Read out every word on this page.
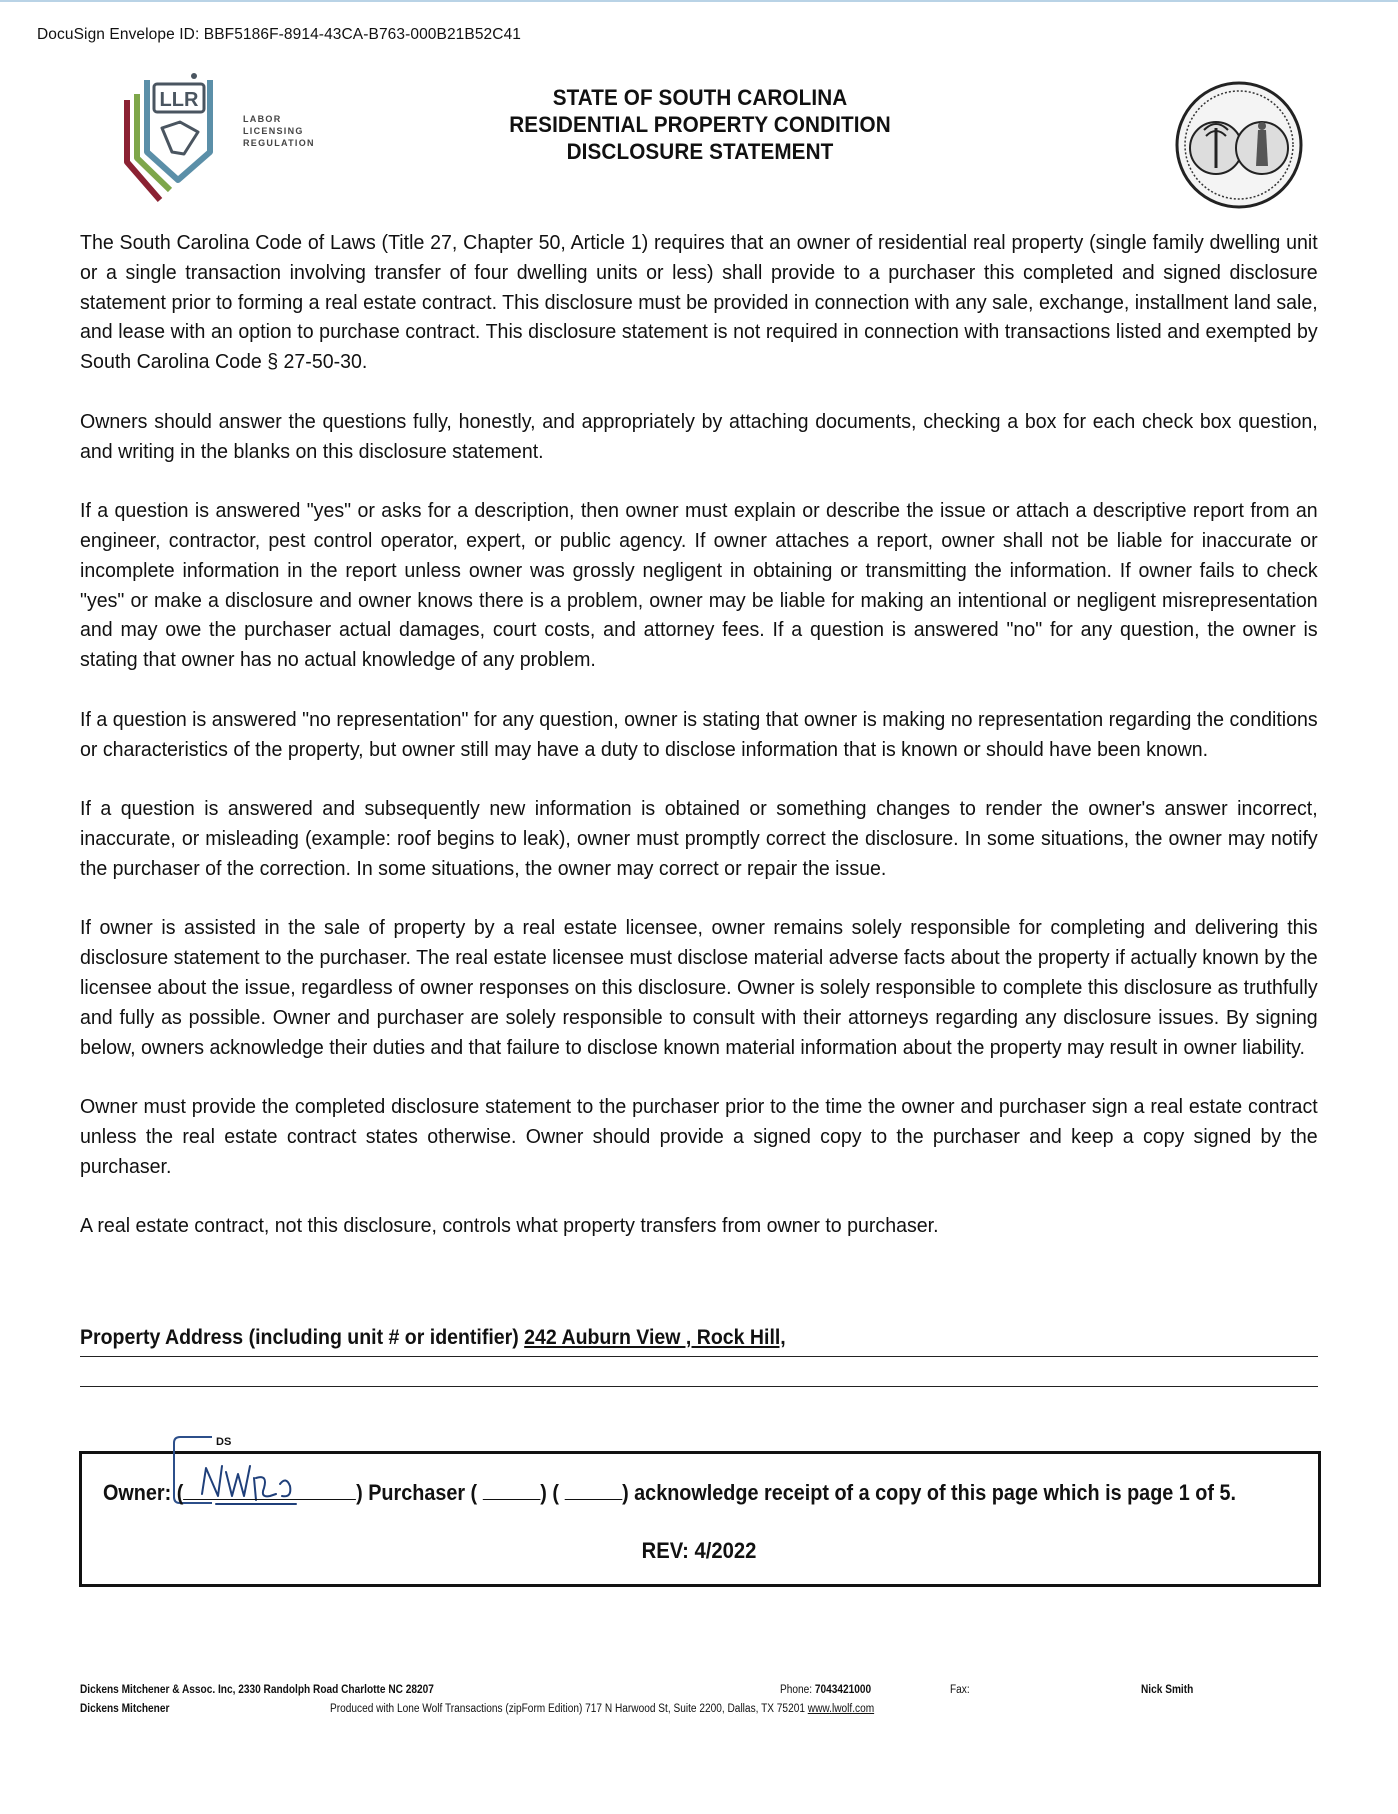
DocuSign Envelope ID: BBF5186F-8914-43CA-B763-000B21B52C41
LLR
LABOR
LICENSING
REGULATION
STATE OF SOUTH CAROLINA
RESIDENTIAL PROPERTY CONDITION
DISCLOSURE STATEMENT

The South Carolina Code of Laws (Title 27, Chapter 50, Article 1) requires that an owner of residential real property (single family dwelling unit or a single transaction involving transfer of four dwelling units or less) shall provide to a purchaser this completed and signed disclosure statement prior to forming a real estate contract. This disclosure must be provided in connection with any sale, exchange, installment land sale, and lease with an option to purchase contract. This disclosure statement is not required in connection with transactions listed and exempted by South Carolina Code § 27-50-30.

Owners should answer the questions fully, honestly, and appropriately by attaching documents, checking a box for each check box question, and writing in the blanks on this disclosure statement.

If a question is answered "yes" or asks for a description, then owner must explain or describe the issue or attach a descriptive report from an engineer, contractor, pest control operator, expert, or public agency. If owner attaches a report, owner shall not be liable for inaccurate or incomplete information in the report unless owner was grossly negligent in obtaining or transmitting the information. If owner fails to check "yes" or make a disclosure and owner knows there is a problem, owner may be liable for making an intentional or negligent misrepresentation and may owe the purchaser actual damages, court costs, and attorney fees. If a question is answered "no" for any question, the owner is stating that owner has no actual knowledge of any problem.

If a question is answered "no representation" for any question, owner is stating that owner is making no representation regarding the conditions or characteristics of the property, but owner still may have a duty to disclose information that is known or should have been known.

If a question is answered and subsequently new information is obtained or something changes to render the owner's answer incorrect, inaccurate, or misleading (example: roof begins to leak), owner must promptly correct the disclosure. In some situations, the owner may notify the purchaser of the correction. In some situations, the owner may correct or repair the issue.

If owner is assisted in the sale of property by a real estate licensee, owner remains solely responsible for completing and delivering this disclosure statement to the purchaser. The real estate licensee must disclose material adverse facts about the property if actually known by the licensee about the issue, regardless of owner responses on this disclosure. Owner is solely responsible to complete this disclosure as truthfully and fully as possible. Owner and purchaser are solely responsible to consult with their attorneys regarding any disclosure issues. By signing below, owners acknowledge their duties and that failure to disclose known material information about the property may result in owner liability.

Owner must provide the completed disclosure statement to the purchaser prior to the time the owner and purchaser sign a real estate contract unless the real estate contract states otherwise. Owner should provide a signed copy to the purchaser and keep a copy signed by the purchaser.

A real estate contract, not this disclosure, controls what property transfers from owner to purchaser.

Property Address (including unit # or identifier) 242 Auburn View , Rock Hill,
DS
Owner: (	) Purchaser (	) (	) acknowledge receipt of a copy of this page which is page 1 of 5.
REV: 4/2022
Dickens Mitchener & Assoc. Inc, 2330 Randolph Road Charlotte NC 28207	Phone: 7043421000	Fax:	Nick Smith
Dickens Mitchener	Produced with Lone Wolf Transactions (zipForm Edition) 717 N Harwood St, Suite 2200, Dallas, TX 75201 www.lwolf.com
